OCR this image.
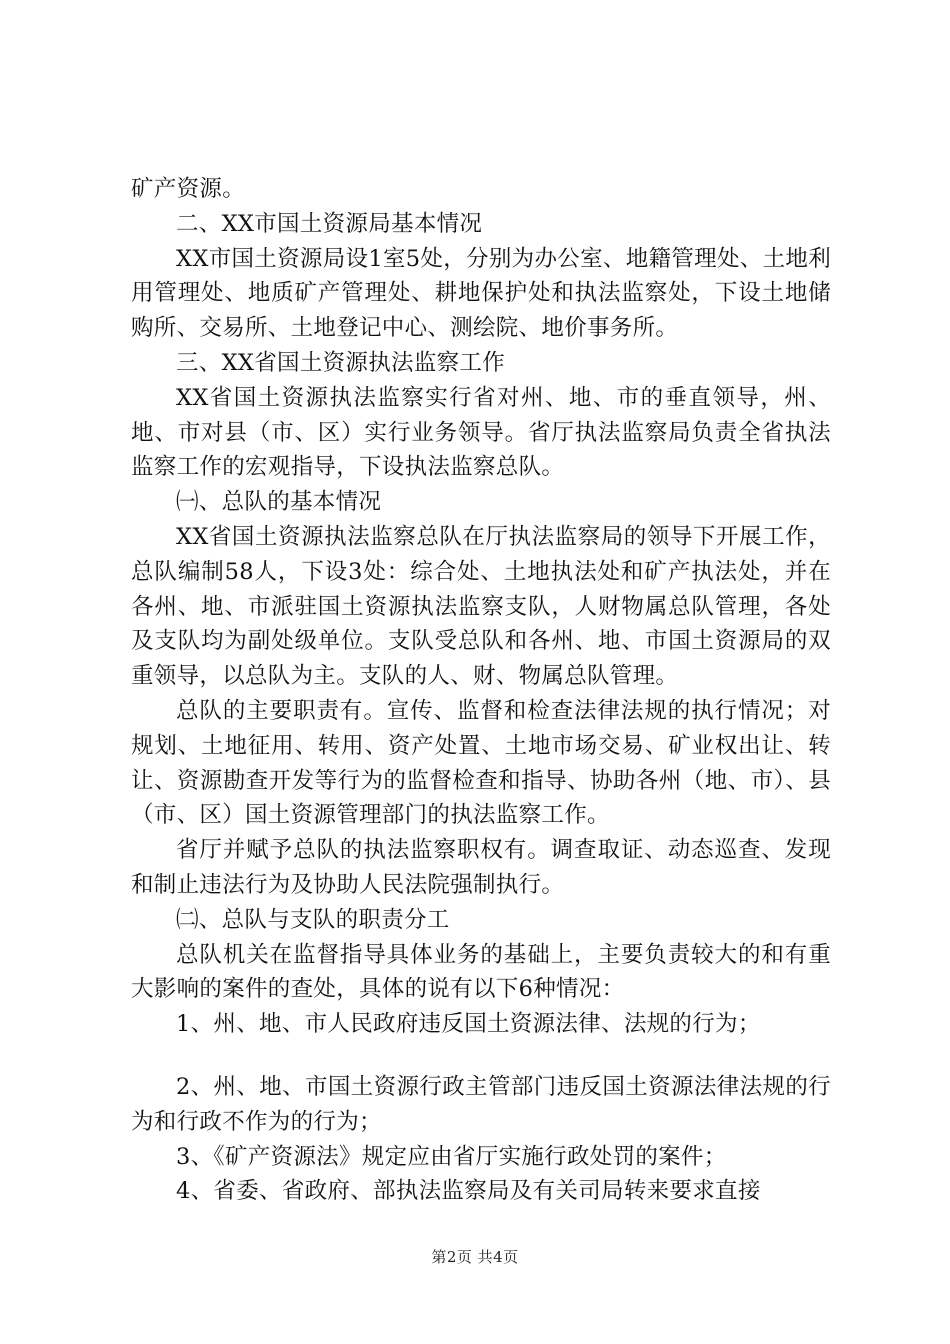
矿产资源。

二、XX市国土资源局基本情况

XX市国土资源局设1室5处，分别为办公室、地籍管理处、土地利用管理处、地质矿产管理处、耕地保护处和执法监察处，下设土地储购所、交易所、土地登记中心、测绘院、地价事务所。

三、XX省国土资源执法监察工作

XX省国土资源执法监察实行省对州、地、市的垂直领导，州、地、市对县（市、区）实行业务领导。省厅执法监察局负责全省执法监察工作的宏观指导，下设执法监察总队。

㈠、总队的基本情况

XX省国土资源执法监察总队在厅执法监察局的领导下开展工作，总队编制58人，下设3处：综合处、土地执法处和矿产执法处，并在各州、地、市派驻国土资源执法监察支队，人财物属总队管理，各处及支队均为副处级单位。支队受总队和各州、地、市国土资源局的双重领导，以总队为主。支队的人、财、物属总队管理。

总队的主要职责有。宣传、监督和检查法律法规的执行情况；对规划、土地征用、转用、资产处置、土地市场交易、矿业权出让、转让、资源勘查开发等行为的监督检查和指导、协助各州（地、市）、县（市、区）国土资源管理部门的执法监察工作。

省厅并赋予总队的执法监察职权有。调查取证、动态巡查、发现和制止违法行为及协助人民法院强制执行。

㈡、总队与支队的职责分工

总队机关在监督指导具体业务的基础上，主要负责较大的和有重大影响的案件的查处，具体的说有以下6种情况：

1、州、地、市人民政府违反国土资源法律、法规的行为；

2、州、地、市国土资源行政主管部门违反国土资源法律法规的行为和行政不作为的行为；

3、《矿产资源法》规定应由省厅实施行政处罚的案件；

4、省委、省政府、部执法监察局及有关司局转来要求直接

第2页 共4页
